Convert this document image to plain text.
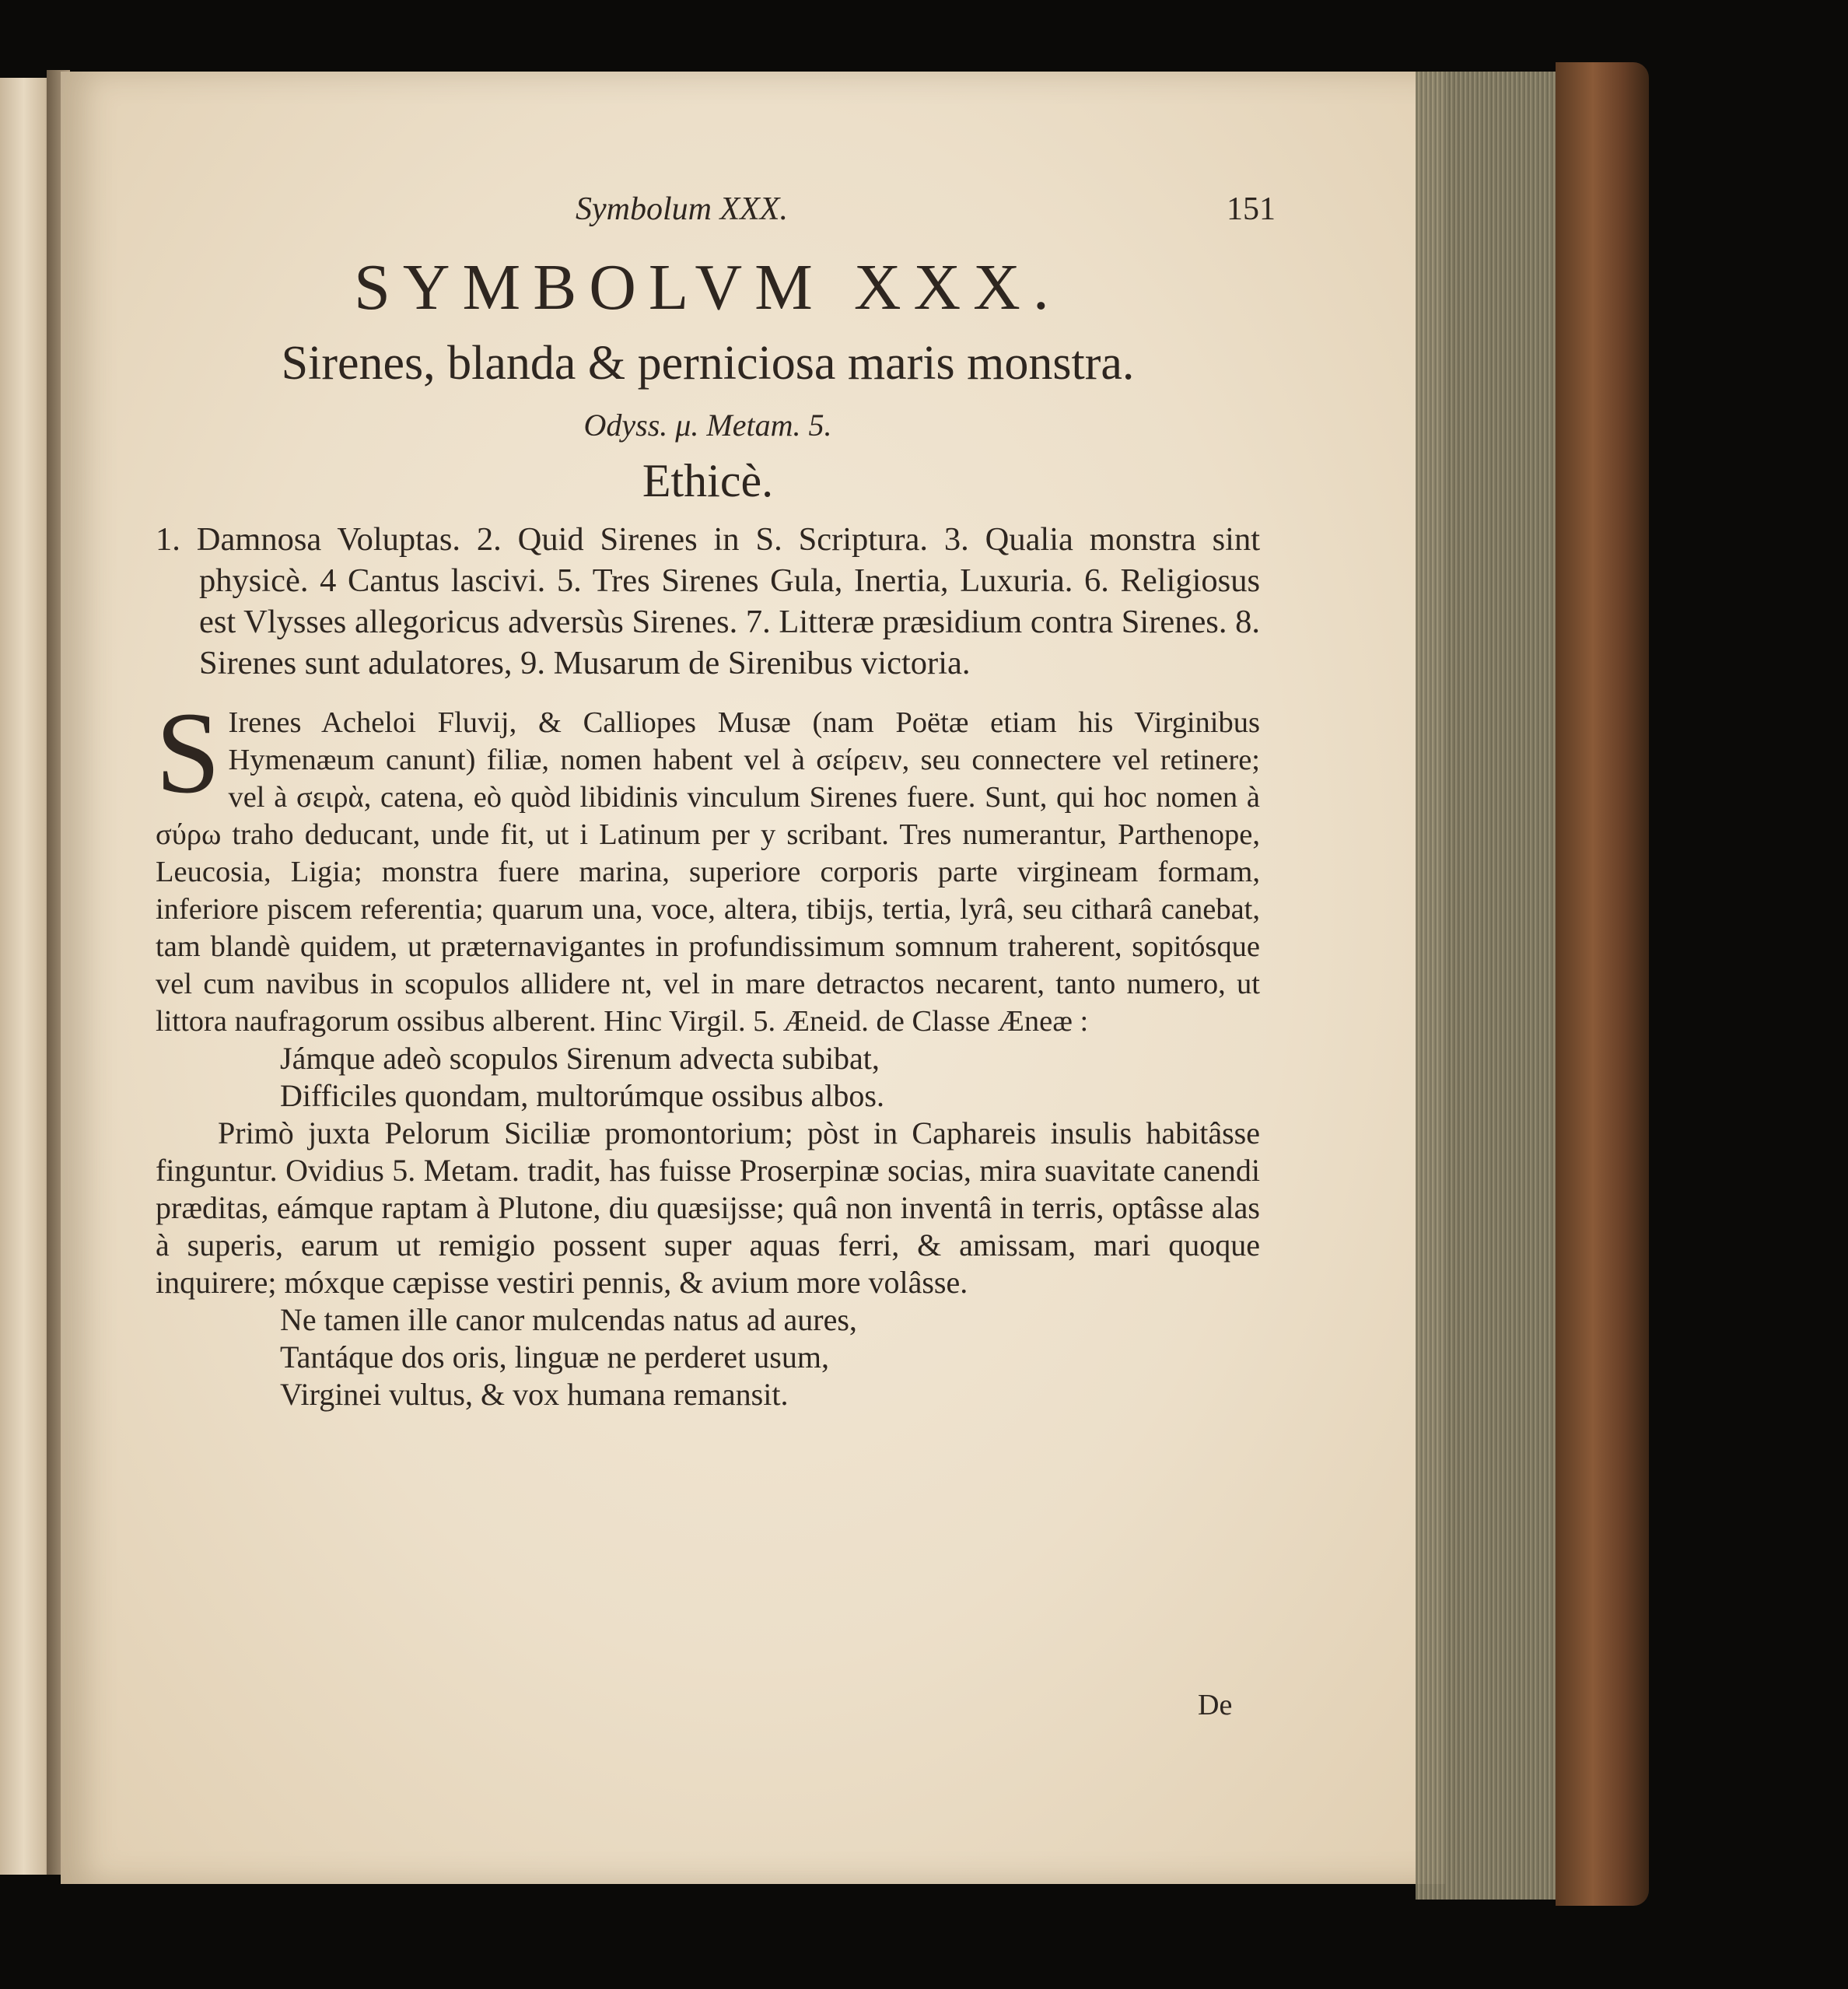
Symbolum XXX.	151
SYMBOLVM XXX.
Sirenes, blanda & perniciosa maris monstra.
Odyss. μ. Metam. 5.
Ethicè.

1. Damnosa Voluptas. 2. Quid Sirenes in S. Scriptura. 3. Qualia monstra sint physicè. 4 Cantus lascivi. 5. Tres Sirenes Gula, Inertia, Luxuria. 6. Religiosus est Vlysses allegoricus adversùs Sirenes. 7. Litteræ præsidium contra Sirenes. 8. Sirenes sunt adulatores, 9. Musarum de Sirenibus victoria.

S Irenes Acheloi Fluvij, & Calliopes Musæ (nam Poëtæ etiam his Virginibus Hymenæum canunt) filiæ, nomen habent vel à σείρειν, seu connectere vel retinere; vel à σειρὰ, catena, eò quòd libidinis vinculum Sirenes fuere. Sunt, qui hoc nomen à σύρω traho deducant, unde fit, ut i Latinum per y scribant. Tres numerantur, Parthenope, Leucosia, Ligia; monstra fuere marina, superiore corporis parte virgineam formam, inferiore piscem referentia; quarum una, voce, altera, tibijs, tertia, lyrâ, seu citharâ canebat, tam blandè quidem, ut præternavigantes in profundissimum somnum traherent, sopitósque vel cum navibus in scopulos allidere nt, vel in mare detractos necarent, tanto numero, ut littora naufragorum ossibus alberent. Hinc Virgil. 5. Æneid. de Classe Æneæ :

Jámque adeò scopulos Sirenum advecta subibat,

Difficiles quondam, multorúmque ossibus albos.

Primò juxta Pelorum Siciliæ promontorium; pòst in Caphareis insulis habitâsse finguntur. Ovidius 5. Metam. tradit, has fuisse Proserpinæ socias, mira suavitate canendi præditas, eámque raptam à Plutone, diu quæsijsse; quâ non inventâ in terris, optâsse alas à superis, earum ut remigio possent super aquas ferri, & amissam, mari quoque inquirere; móxque cæpisse vestiri pennis, & avium more volâsse.

Ne tamen ille canor mulcendas natus ad aures,

Tantáque dos oris, linguæ ne perderet usum,

Virginei vultus, & vox humana remansit.

De
